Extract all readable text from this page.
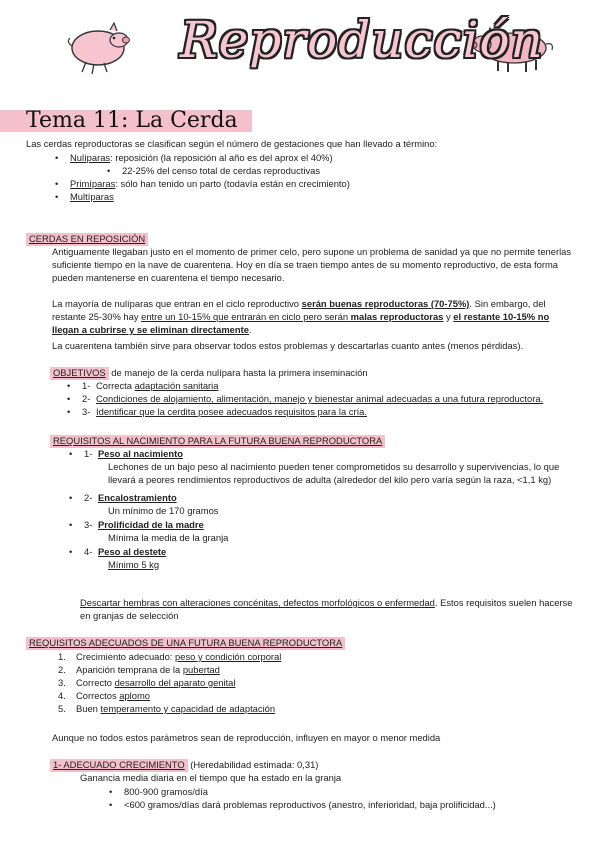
Reproducción
Tema 11: La Cerda
Las cerdas reproductoras se clasifican según el número de gestaciones que han llevado a término:
• Nulíparas: reposición (la reposición al año es del aprox el 40%)
• 22-25% del censo total de cerdas reproductivas
• Primíparas: sólo han tenido un parto (todavía están en crecimiento)
• Multíparas
CERDAS EN REPOSICIÓN
Antiguamente llegaban justo en el momento de primer celo, pero supone un problema de sanidad ya que no permite tenerlas suficiente tiempo en la nave de cuarentena. Hoy en día se traen tiempo antes de su momento reproductivo, de esta forma pueden mantenerse en cuarentena el tiempo necesario.
La mayoría de nulíparas que entran en el ciclo reproductivo serán buenas reproductoras (70-75%). Sin embargo, del restante 25-30% hay entre un 10-15% que entrarán en ciclo pero serán malas reproductoras y el restante 10-15% no llegan a cubrirse y se eliminan directamente.
La cuarentena también sirve para observar todos estos problemas y descartarlas cuanto antes (menos pérdidas).
OBJETIVOS de manejo de la cerda nulípara hasta la primera inseminación
• 1- Correcta adaptación sanitaria
• 2- Condiciones de alojamiento, alimentación, manejo y bienestar animal adecuadas a una futura reproductora.
• 3- Identificar que la cerdita posee adecuados requisitos para la cría.
REQUISITOS AL NACIMIENTO PARA LA FUTURA BUENA REPRODUCTORA
• 1- Peso al nacimiento
Lechones de un bajo peso al nacimiento pueden tener comprometidos su desarrollo y supervivencias, lo que llevará a peores rendimientos reproductivos de adulta (alrededor del kilo pero varía según la raza, <1,1 kg)
• 2- Encalostramiento
Un mínimo de 170 gramos
• 3- Prolificidad de la madre
Mínima la media de la granja
• 4- Peso al destete
Mínimo 5 kg
Descartar hembras con alteraciones concénitas, defectos morfológicos o enfermedad. Estos requisitos suelen hacerse en granjas de selección
REQUISITOS ADECUADOS DE UNA FUTURA BUENA REPRODUCTORA
1. Crecimiento adecuado: peso y condición corporal
2. Aparición temprana de la pubertad
3. Correcto desarrollo del aparato genital
4. Correctos aplomo
5. Buen temperamento y capacidad de adaptación
Aunque no todos estos parámetros sean de reproducción, influyen en mayor o menor medida
1- ADECUADO CRECIMIENTO (Heredabilidad estimada: 0,31)
Ganancia media diaria en el tiempo que ha estado en la granja
• 800-900 gramos/día
• <600 gramos/días dará problemas reproductivos (anestro, inferioridad, baja prolificidad...)
